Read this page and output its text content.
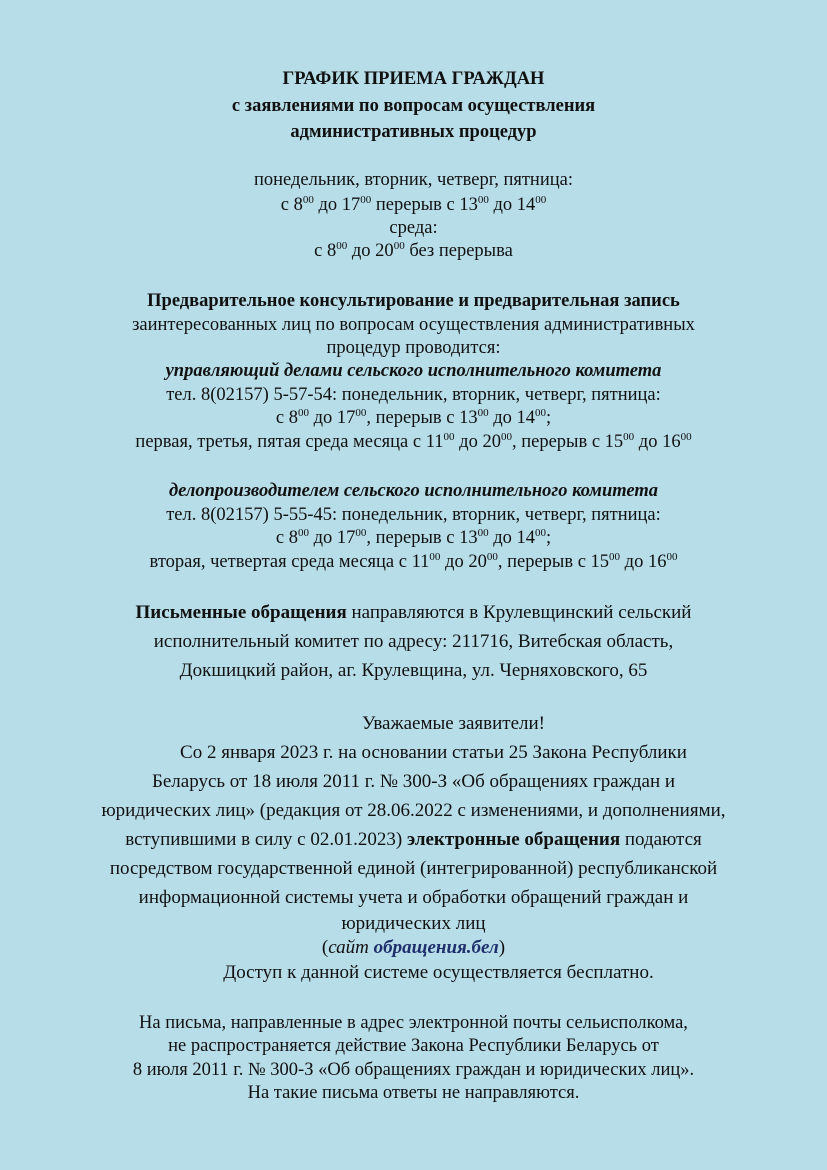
ГРАФИК ПРИЕМА ГРАЖДАН
с заявлениями по вопросам осуществления
административных процедур
понедельник, вторник, четверг, пятница:
с $8^{00}$ до $17^{00}$ перерыв с $13^{00}$ до $14^{00}$
среда:
с $8^{00}$ до $20^{00}$ без перерыва
Предварительное консультирование и предварительная запись
заинтересованных лиц по вопросам осуществления административных
процедур проводится:
управляющий делами сельского исполнительного комитета
тел. 8(02157) 5-57-54: понедельник, вторник, четверг, пятница:
с $8^{00}$ до $17^{00}$, перерыв с $13^{00}$ до $14^{00}$;
первая, третья, пятая среда месяца с $11^{00}$ до $20^{00}$, перерыв с $15^{00}$ до $16^{00}$
делопроизводителем сельского исполнительного комитета
тел. 8(02157) 5-55-45: понедельник, вторник, четверг, пятница:
с $8^{00}$ до $17^{00}$, перерыв с $13^{00}$ до $14^{00}$;
вторая, четвертая среда месяца с $11^{00}$ до $20^{00}$, перерыв с $15^{00}$ до $16^{00}$
Письменные обращения направляются в Крулевщинский сельский
исполнительный комитет по адресу: 211716, Витебская область,
Докшицкий район, аг. Крулевщина, ул. Черняховского, 65
Уважаемые заявители!
Со 2 января 2023 г. на основании статьи 25 Закона Республики
Беларусь от 18 июля 2011 г. № 300-З «Об обращениях граждан и
юридических лиц» (редакция от 28.06.2022 с изменениями, и дополнениями,
вступившими в силу с 02.01.2023) электронные обращения подаются
посредством государственной единой (интегрированной) республиканской
информационной системы учета и обработки обращений граждан и
юридических лиц
(сайт обращения.бел)
Доступ к данной системе осуществляется бесплатно.
На письма, направленные в адрес электронной почты сельисполкома,
не распространяется действие Закона Республики Беларусь от
8 июля 2011 г. № 300-З «Об обращениях граждан и юридических лиц».
На такие письма ответы не направляются.
